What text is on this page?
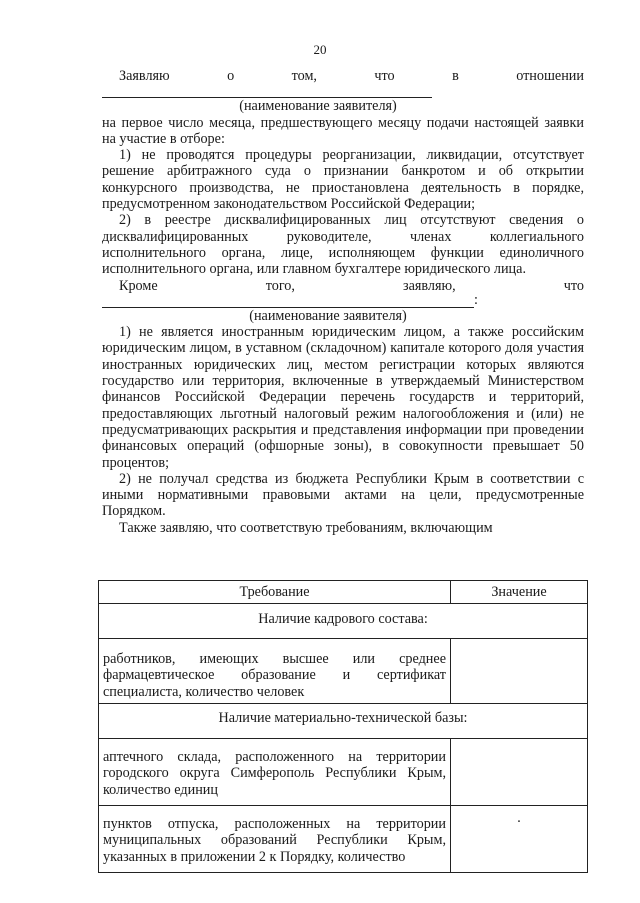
20
Заявляю о том, что в отношении
(наименование заявителя)
на первое число месяца, предшествующего месяцу подачи настоящей заявки на участие в отборе:
1) не проводятся процедуры реорганизации, ликвидации, отсутствует решение арбитражного суда о признании банкротом и об открытии конкурсного производства, не приостановлена деятельность в порядке, предусмотренном законодательством Российской Федерации;
2) в реестре дисквалифицированных лиц отсутствуют сведения о дисквалифицированных руководителе, членах коллегиального исполнительного органа, лице, исполняющем функции единоличного исполнительного органа, или главном бухгалтере юридического лица.
Кроме того, заявляю, что
:
(наименование заявителя)
1) не является иностранным юридическим лицом, а также российским юридическим лицом, в уставном (складочном) капитале которого доля участия иностранных юридических лиц, местом регистрации которых являются государство или территория, включенные в утверждаемый Министерством финансов Российской Федерации перечень государств и территорий, предоставляющих льготный налоговый режим налогообложения и (или) не предусматривающих раскрытия и представления информации при проведении финансовых операций (офшорные зоны), в совокупности превышает 50 процентов;
2) не получал средства из бюджета Республики Крым в соответствии с иными нормативными правовыми актами на цели, предусмотренные Порядком.
Также заявляю, что соответствую требованиям, включающим
Требование	Значение
Наличие кадрового состава:	
работников, имеющих высшее или среднее фармацевтическое образование и сертификат специалиста, количество человек	
Наличие материально-технической базы:	
аптечного склада, расположенного на территории городского округа Симферополь Республики Крым, количество единиц	
пунктов отпуска, расположенных на территории муниципальных образований Республики Крым, указанных в приложении 2 к Порядку, количество	·
